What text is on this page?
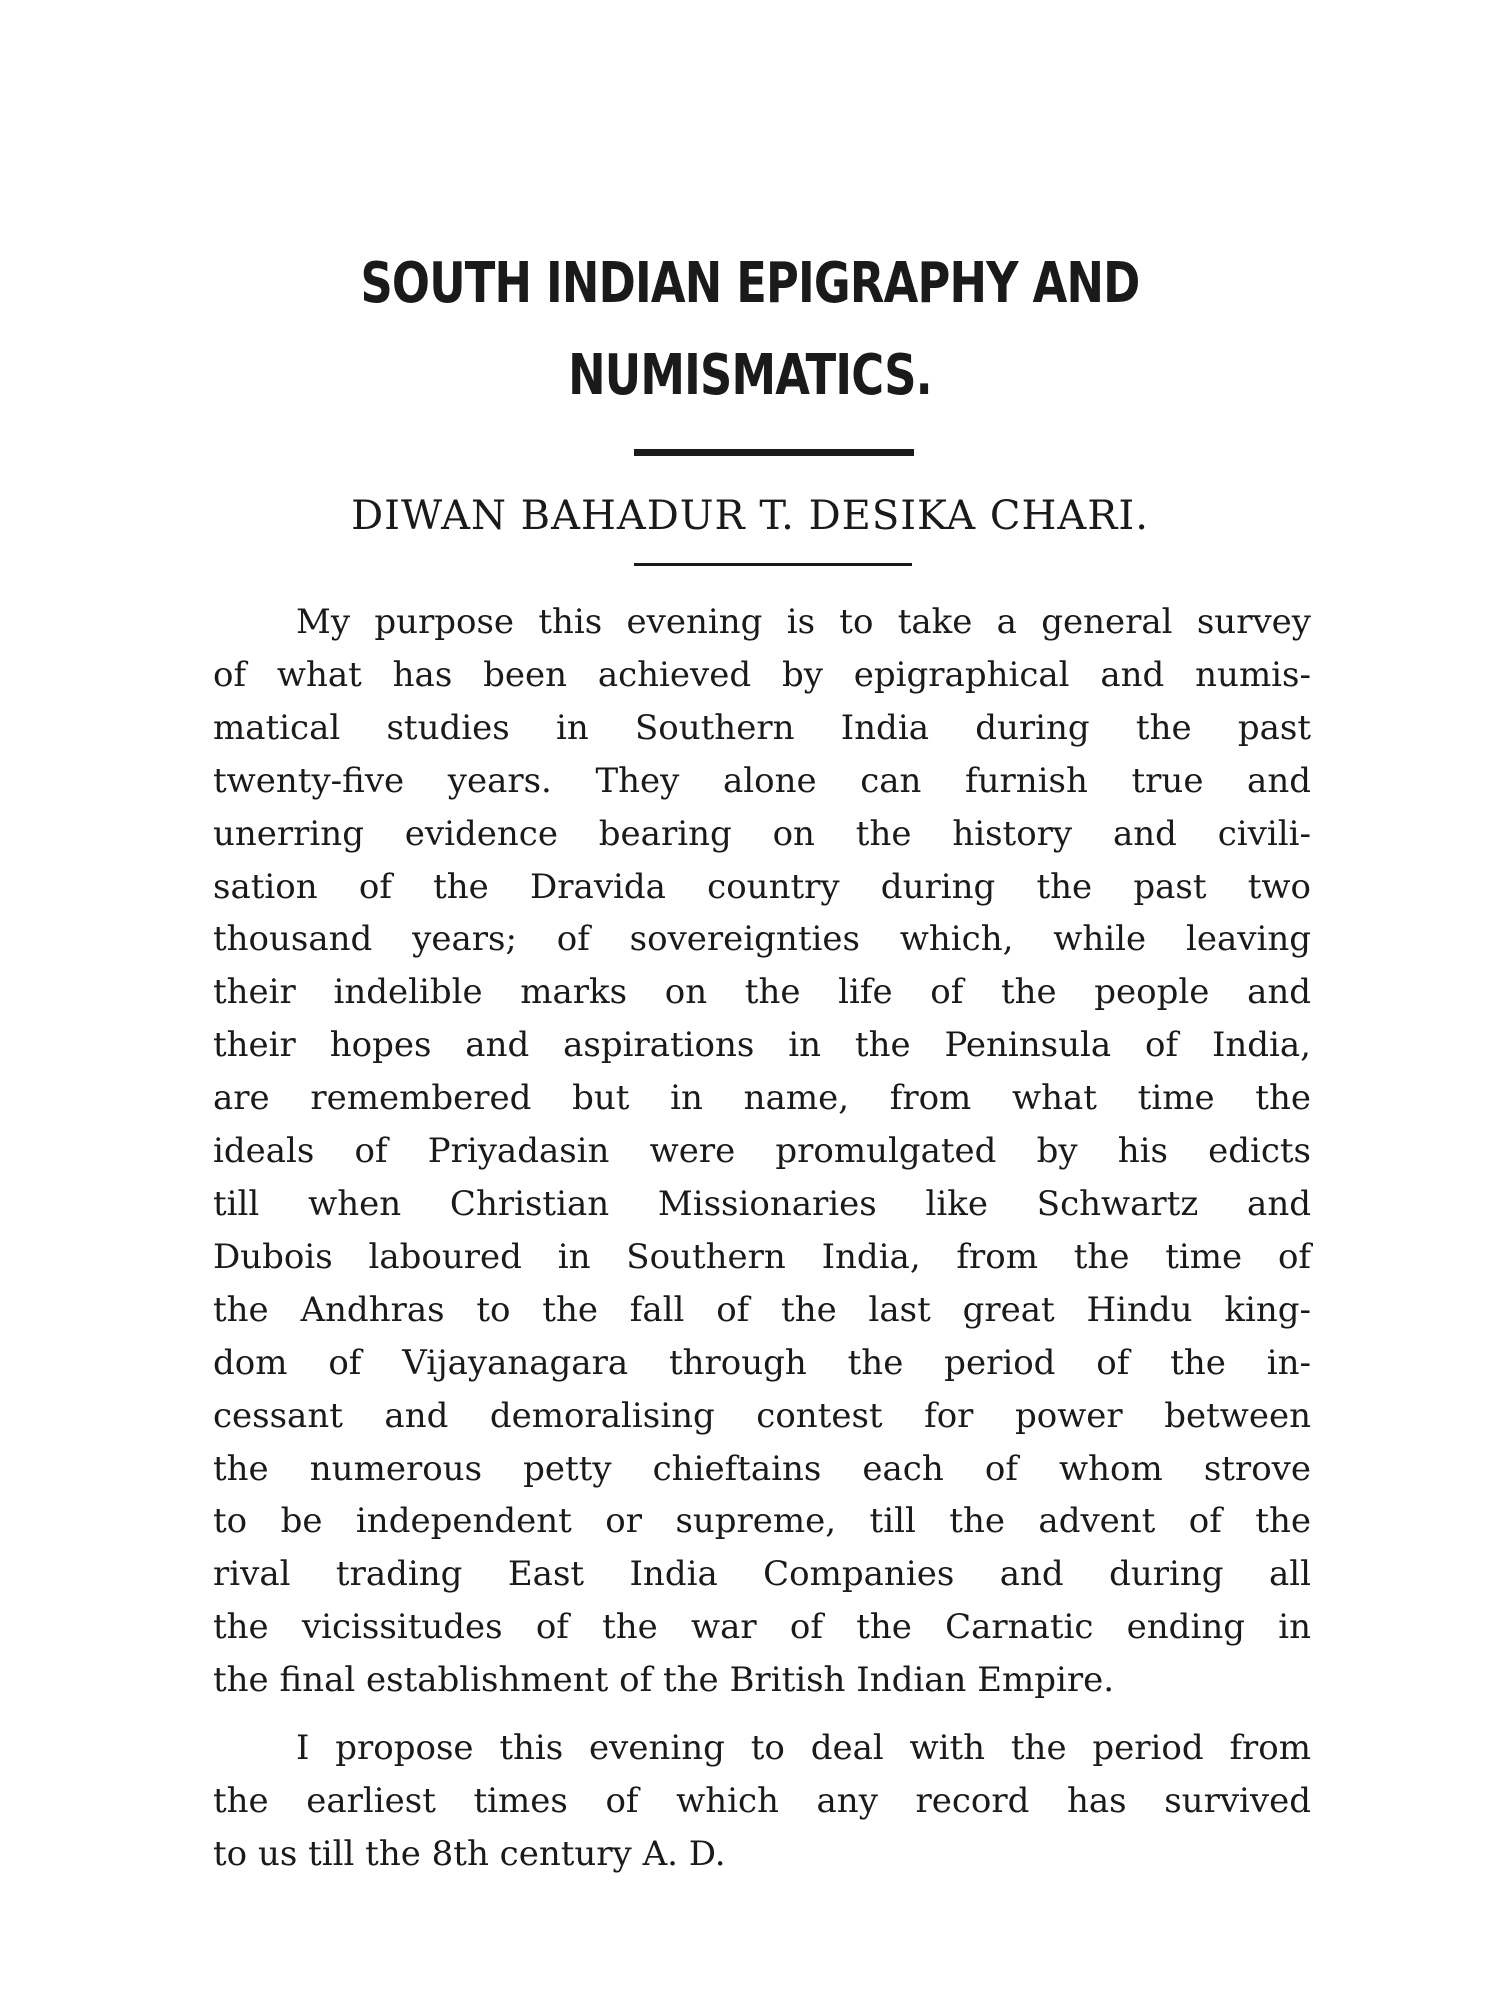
SOUTH INDIAN EPIGRAPHY AND
NUMISMATICS.
DIWAN BAHADUR T. DESIKA CHARI.
My purpose this evening is to take a general survey
of what has been achieved by epigraphical and numis-
matical studies in Southern India during the past
twenty-five years. They alone can furnish true and
unerring evidence bearing on the history and civili-
sation of the Dravida country during the past two
thousand years; of sovereignties which, while leaving
their indelible marks on the life of the people and
their hopes and aspirations in the Peninsula of India,
are remembered but in name, from what time the
ideals of Priyadasin were promulgated by his edicts
till when Christian Missionaries like Schwartz and
Dubois laboured in Southern India, from the time of
the Andhras to the fall of the last great Hindu king-
dom of Vijayanagara through the period of the in-
cessant and demoralising contest for power between
the numerous petty chieftains each of whom strove
to be independent or supreme, till the advent of the
rival trading East India Companies and during all
the vicissitudes of the war of the Carnatic ending in
the final establishment of the British Indian Empire.
I propose this evening to deal with the period from
the earliest times of which any record has survived
to us till the 8th century A. D.
